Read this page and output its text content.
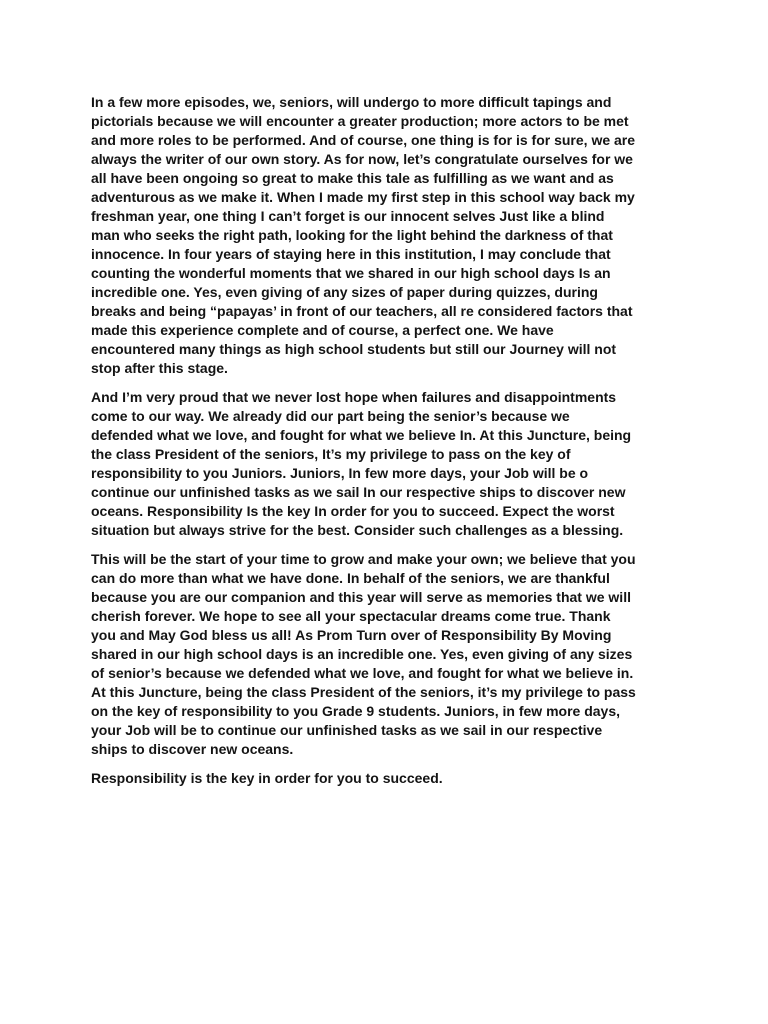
In a few more episodes, we, seniors, will undergo to more difficult tapings and
pictorials because we will encounter a greater production; more actors to be met
and more roles to be performed. And of course, one thing is for is for sure, we are
always the writer of our own story. As for now, let’s congratulate ourselves for we
all have been ongoing so great to make this tale as fulfilling as we want and as
adventurous as we make it. When I made my first step in this school way back my
freshman year, one thing I can’t forget is our innocent selves Just like a blind
man who seeks the right path, looking for the light behind the darkness of that
innocence. In four years of staying here in this institution, I may conclude that
counting the wonderful moments that we shared in our high school days Is an
incredible one. Yes, even giving of any sizes of paper during quizzes, during
breaks and being “papayas’ in front of our teachers, all re considered factors that
made this experience complete and of course, a perfect one. We have
encountered many things as high school students but still our Journey will not
stop after this stage.
And I’m very proud that we never lost hope when failures and disappointments
come to our way. We already did our part being the senior’s because we
defended what we love, and fought for what we believe In. At this Juncture, being
the class President of the seniors, It’s my privilege to pass on the key of
responsibility to you Juniors. Juniors, In few more days, your Job will be o
continue our unfinished tasks as we sail In our respective ships to discover new
oceans. Responsibility Is the key In order for you to succeed. Expect the worst
situation but always strive for the best. Consider such challenges as a blessing.
This will be the start of your time to grow and make your own; we believe that you
can do more than what we have done. In behalf of the seniors, we are thankful
because you are our companion and this year will serve as memories that we will
cherish forever. We hope to see all your spectacular dreams come true. Thank
you and May God bless us all! As Prom Turn over of Responsibility By Moving
shared in our high school days is an incredible one. Yes, even giving of any sizes
of senior’s because we defended what we love, and fought for what we believe in.
At this Juncture, being the class President of the seniors, it’s my privilege to pass
on the key of responsibility to you Grade 9 students. Juniors, in few more days,
your Job will be to continue our unfinished tasks as we sail in our respective
ships to discover new oceans.
Responsibility is the key in order for you to succeed.
